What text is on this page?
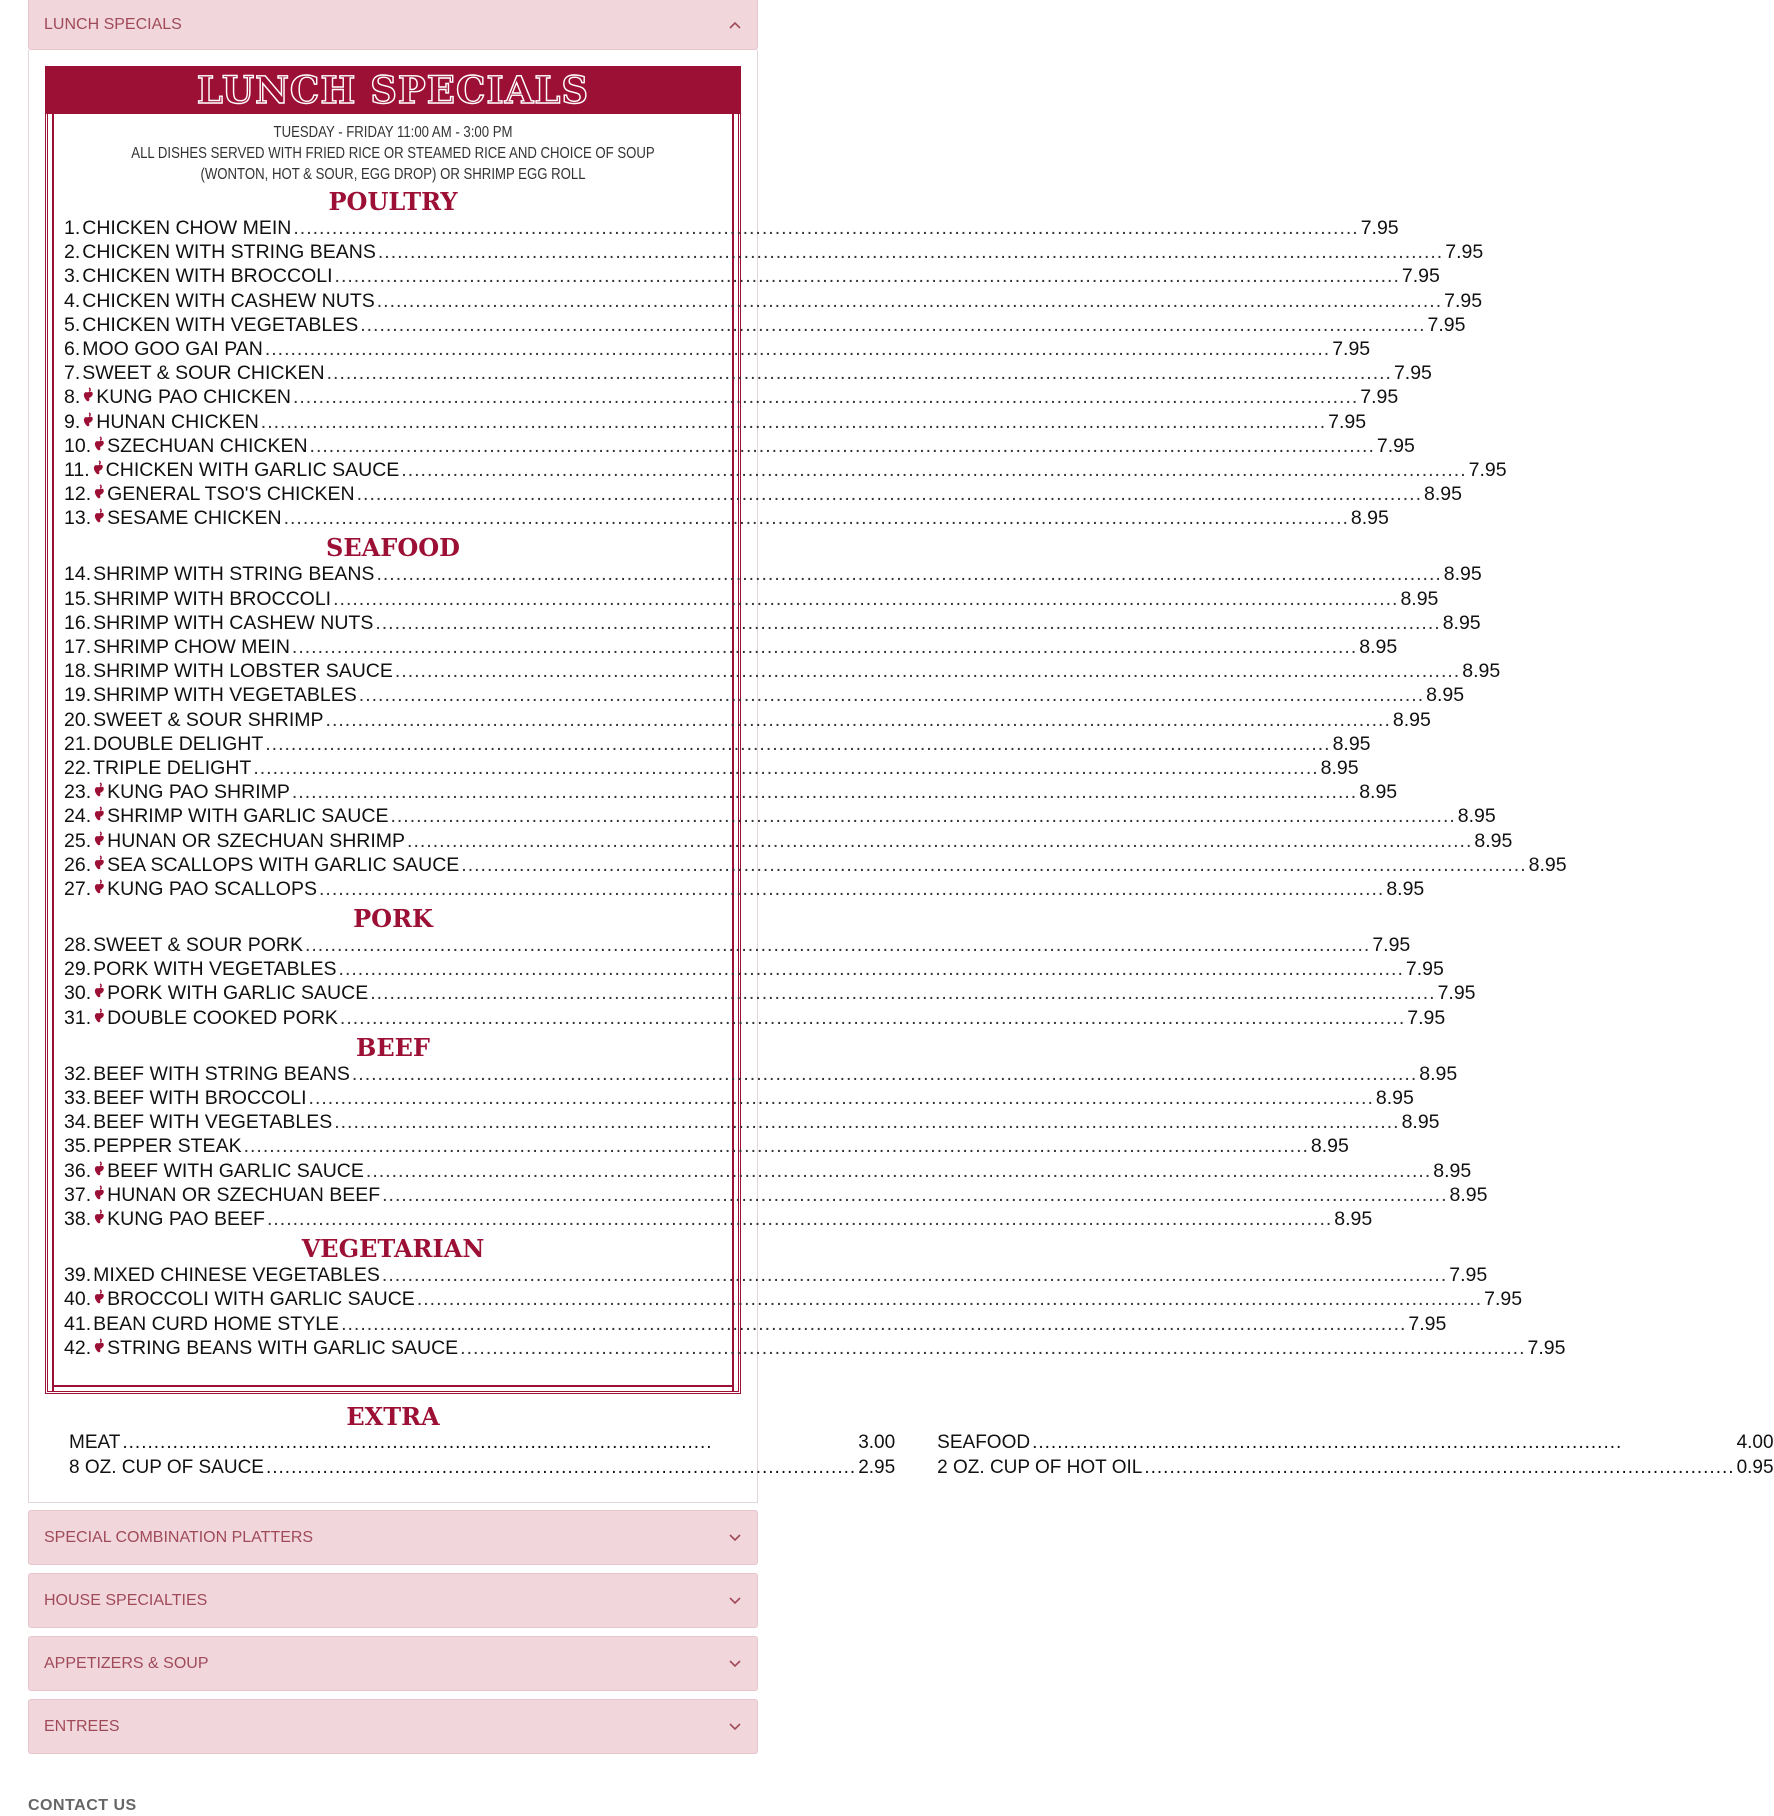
LUNCH SPECIALS
LUNCH SPECIALS
TUESDAY - FRIDAY 11:00 AM - 3:00 PM
ALL DISHES SERVED WITH FRIED RICE OR STEAMED RICE AND CHOICE OF SOUP
(WONTON, HOT & SOUR, EGG DROP) OR SHRIMP EGG ROLL
POULTRY
1. CHICKEN CHOW MEIN .....	7.95
2. CHICKEN WITH STRING BEANS .....	7.95
3. CHICKEN WITH BROCCOLI .....	7.95
4. CHICKEN WITH CASHEW NUTS .....	7.95
5. CHICKEN WITH VEGETABLES .....	7.95
6. MOO GOO GAI PAN .....	7.95
7. SWEET & SOUR CHICKEN .....	7.95
8. KUNG PAO CHICKEN .....	7.95
9. HUNAN CHICKEN .....	7.95
10. SZECHUAN CHICKEN .....	7.95
11. CHICKEN WITH GARLIC SAUCE .....	7.95
12. GENERAL TSO'S CHICKEN .....	8.95
13. SESAME CHICKEN .....	8.95
SEAFOOD
14. SHRIMP WITH STRING BEANS .....	8.95
15. SHRIMP WITH BROCCOLI .....	8.95
16. SHRIMP WITH CASHEW NUTS .....	8.95
17. SHRIMP CHOW MEIN .....	8.95
18. SHRIMP WITH LOBSTER SAUCE .....	8.95
19. SHRIMP WITH VEGETABLES .....	8.95
20. SWEET & SOUR SHRIMP .....	8.95
21. DOUBLE DELIGHT .....	8.95
22. TRIPLE DELIGHT .....	8.95
23. KUNG PAO SHRIMP .....	8.95
24. SHRIMP WITH GARLIC SAUCE .....	8.95
25. HUNAN OR SZECHUAN SHRIMP .....	8.95
26. SEA SCALLOPS WITH GARLIC SAUCE .....	8.95
27. KUNG PAO SCALLOPS .....	8.95
PORK
28. SWEET & SOUR PORK .....	7.95
29. PORK WITH VEGETABLES .....	7.95
30. PORK WITH GARLIC SAUCE .....	7.95
31. DOUBLE COOKED PORK .....	7.95
BEEF
32. BEEF WITH STRING BEANS .....	8.95
33. BEEF WITH BROCCOLI .....	8.95
34. BEEF WITH VEGETABLES .....	8.95
35. PEPPER STEAK .....	8.95
36. BEEF WITH GARLIC SAUCE .....	8.95
37. HUNAN OR SZECHUAN BEEF .....	8.95
38. KUNG PAO BEEF .....	8.95
VEGETARIAN
39. MIXED CHINESE VEGETABLES .....	7.95
40. BROCCOLI WITH GARLIC SAUCE .....	7.95
41. BEAN CURD HOME STYLE .....	7.95
42. STRING BEANS WITH GARLIC SAUCE .....	7.95
EXTRA
MEAT .....	3.00
8 OZ. CUP OF SAUCE .....	2.95
SEAFOOD .....	4.00
2 OZ. CUP OF HOT OIL .....	0.95
SPECIAL COMBINATION PLATTERS
HOUSE SPECIALTIES
APPETIZERS & SOUP
ENTREES
CONTACT US
